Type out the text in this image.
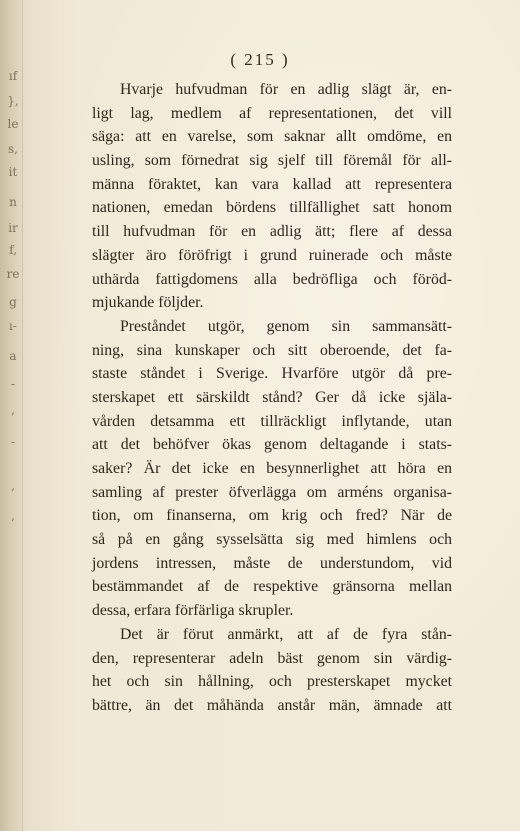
ıf
},
le
s,
it
n
ir
f,
re
g
ı-
a
-
,
-
,
,
( 215 )
Hvarje hufvudman för en adlig slägt är, en-
ligt lag, medlem af representationen, det vill
säga: att en varelse, som saknar allt omdöme, en
usling, som förnedrat sig sjelf till föremål för all-
männa föraktet, kan vara kallad att representera
nationen, emedan bördens tillfällighet satt honom
till hufvudman för en adlig ätt; flere af dessa
slägter äro föröfrigt i grund ruinerade och måste
uthärda fattigdomens alla bedröfliga och föröd-
mjukande följder.
Preståndet utgör, genom sin sammansätt-
ning, sina kunskaper och sitt oberoende, det fa-
staste ståndet i Sverige. Hvarföre utgör då pre-
sterskapet ett särskildt stånd? Ger då icke själa-
vården detsamma ett tillräckligt inflytande, utan
att det behöfver ökas genom deltagande i stats-
saker? Är det icke en besynnerlighet att höra en
samling af prester öfverlägga om arméns organisa-
tion, om finanserna, om krig och fred? När de
så på en gång sysselsätta sig med himlens och
jordens intressen, måste de understundom, vid
bestämmandet af de respektive gränsorna mellan
dessa, erfara förfärliga skrupler.
Det är förut anmärkt, att af de fyra stån-
den, representerar adeln bäst genom sin värdig-
het och sin hållning, och presterskapet mycket
bättre, än det måhända anstår män, ämnade att
